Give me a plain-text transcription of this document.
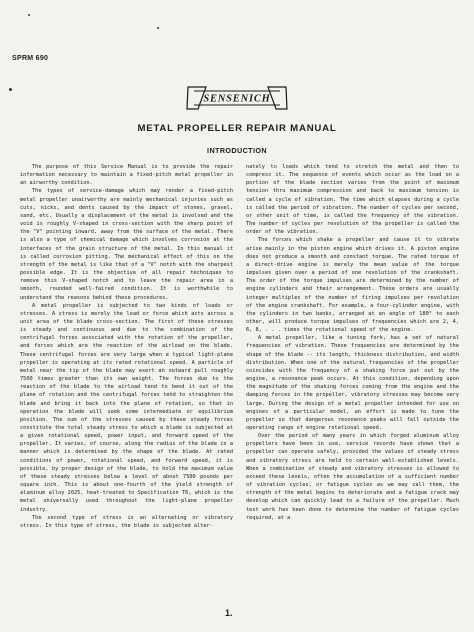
SPRM 690
SENSENICH
METAL PROPELLER REPAIR MANUAL
INTRODUCTION

The purpose of this Service Manual is to provide the repair information necessary to maintain a fixed-pitch metal propeller in an airworthy condition.

The types of service-damage which may render a fixed-pitch metal propeller unairworthy are mainly mechanical injuries such as cuts, nicks, and dents caused by the impact of stones, gravel, sand, etc. Usually a displacement of the metal is involved and the void is roughly V-shaped in cross-section with the sharp point of the "V" pointing inward, away from the surface of the metal. There is also a type of chemical damage which involves corrosion at the interfaces of the grain structure of the metal. In this manual it is called corrosion pitting. The mechanical effect of this on the strength of the metal is like that of a "V" notch with the sharpest possible edge. It is the objective of all repair techniques to remove this V-shaped notch and to leave the repair area in a smooth, rounded well-faired condition. It is worthwhile to understand the reasons behind these procedures.

A metal propeller is subjected to two kinds of loads or stresses. A stress is merely the load or force which acts across a unit area of the blade cross-section. The first of these stresses is steady and continuous and due to the combination of the centrifugal forces associated with the rotation of the propeller, and forces which are the reaction of the airload on the blade. These centrifugal forces are very large when a typical light-plane propeller is operating at its rated rotational speed. A particle of metal near the tip of the blade may exert an outward pull roughly 7500 times greater than its own weight. The forces due to the reaction of the blade to the airload tend to bend it out of the plane of rotation and the centrifugal forces tend to straighten the blade and bring it back into the plane of rotation, so that in operation the blade will seek some intermediate or equilibrium position. The sum of the stresses caused by these steady forces constitute the total steady stress to which a blade is subjected at a given rotational speed, power input, and forward speed of the propeller. It varies, of course, along the radius of the blade in a manner which is determined by the shape of the blade. At rated conditions of power, rotational speed, and forward speed, it is possible, by proper design of the blade, to hold the maximum value of these steady stresses below a level of about 7500 pounds per square inch. This is about one-fourth of the yield strength of aluminum alloy 2025, heat-treated to Specification T6, which is the metal universally used throughout the light-plane propeller industry.

The second type of stress is an alternating or vibratory stress. In this type of stress, the blade is subjected alter-

nately to loads which tend to stretch the metal and then to compress it. The sequence of events which occur as the load on a portion of the blade section varies from the point of maximum tension thru maximum compression and back to maximum tension is called a cycle of vibration. The time which elapses during a cycle is called the period of vibration. The number of cycles per second, or other unit of time, is called the frequency of the vibration. The number of cycles per revolution of the propeller is called the order of the vibration.

The forces which shake a propeller and cause it to vibrate arise mainly in the piston engine which drives it. A piston engine does not produce a smooth and constant torque. The rated torque of a direct-drive engine is merely the mean value of the torque impulses given over a period of one revolution of the crankshaft. The order of the torque impulses are determined by the number of engine cylinders and their arrangement. These orders are usually integer multiples of the number of firing impulses per revolution of the engine crankshaft. For example, a four-cylinder engine, with the cylinders in two banks, arranged at an angle of 180° to each other, will produce torque impulses of frequencies which are 2, 4, 6, 8, . . . times the rotational speed of the engine.

A metal propeller, like a tuning fork, has a set of natural frequencies of vibration. These frequencies are determined by the shape of the blade -- its length, thickness distribution, and width distribution. When one of the natural frequencies of the propeller coincides with the frequency of a shaking force put out by the engine, a resonance peak occurs. At this condition, depending upon the magnitude of the shaking forces coming from the engine and the damping forces in the propeller, vibratory stresses may become very large. During the design of a metal propeller intended for use on engines of a particular model, an effort is made to tune the propeller so that dangerous resonance peaks will fall outside the operating range of engine rotational speed.

Over the period of many years in which forged aluminum alloy propellers have been in use, service records have shown that a propeller can operate safely, provided the values of steady stress and vibratory stress are held to certain well-established levels. When a combination of steady and vibratory stresses is allowed to exceed these levels, often the accumulation of a sufficient number of vibration cycles, or fatigue cycles as we may call them, the strength of the metal begins to deteriorate and a fatigue crack may develop which can quickly lead to a failure of the propeller. Much test work has been done to determine the number of fatigue cycles required, at a

1.
